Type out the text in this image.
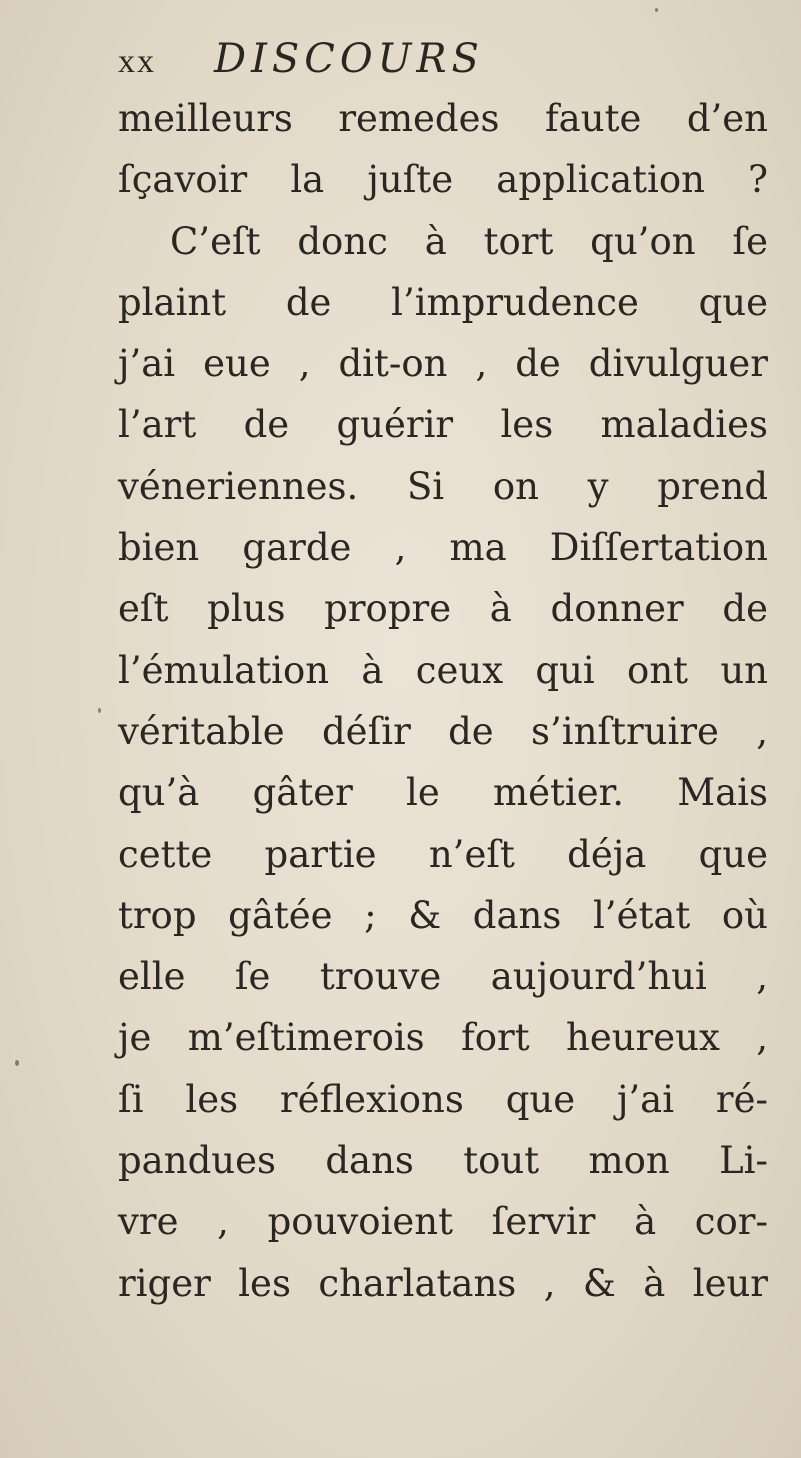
xx DISCOURS
meilleurs remedes faute d’en
ſçavoir la juſte application ?
C’eſt donc à tort qu’on ſe
plaint de l’imprudence que
j’ai eue , dit-on , de divulguer
l’art de guérir les maladies
véneriennes. Si on y prend
bien garde , ma Diſſertation
eſt plus propre à donner de
l’émulation à ceux qui ont un
véritable déſir de s’inſtruire ,
qu’à gâter le métier. Mais
cette partie n’eſt déja que
trop gâtée ; & dans l’état où
elle ſe trouve aujourd’hui ,
je m’eſtimerois fort heureux ,
ſi les réflexions que j’ai ré-
pandues dans tout mon Li-
vre , pouvoient ſervir à cor-
riger les charlatans , & à leur
